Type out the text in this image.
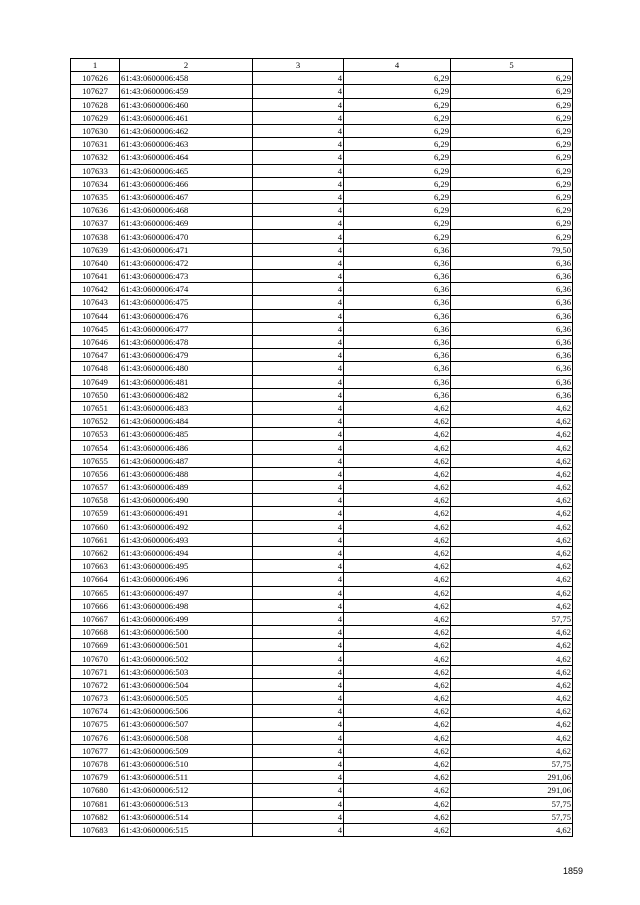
1	2	3	4	5
107626	61:43:0600006:458	4	6,29	6,29
107627	61:43:0600006:459	4	6,29	6,29
107628	61:43:0600006:460	4	6,29	6,29
107629	61:43:0600006:461	4	6,29	6,29
107630	61:43:0600006:462	4	6,29	6,29
107631	61:43:0600006:463	4	6,29	6,29
107632	61:43:0600006:464	4	6,29	6,29
107633	61:43:0600006:465	4	6,29	6,29
107634	61:43:0600006:466	4	6,29	6,29
107635	61:43:0600006:467	4	6,29	6,29
107636	61:43:0600006:468	4	6,29	6,29
107637	61:43:0600006:469	4	6,29	6,29
107638	61:43:0600006:470	4	6,29	6,29
107639	61:43:0600006:471	4	6,36	79,50
107640	61:43:0600006:472	4	6,36	6,36
107641	61:43:0600006:473	4	6,36	6,36
107642	61:43:0600006:474	4	6,36	6,36
107643	61:43:0600006:475	4	6,36	6,36
107644	61:43:0600006:476	4	6,36	6,36
107645	61:43:0600006:477	4	6,36	6,36
107646	61:43:0600006:478	4	6,36	6,36
107647	61:43:0600006:479	4	6,36	6,36
107648	61:43:0600006:480	4	6,36	6,36
107649	61:43:0600006:481	4	6,36	6,36
107650	61:43:0600006:482	4	6,36	6,36
107651	61:43:0600006:483	4	4,62	4,62
107652	61:43:0600006:484	4	4,62	4,62
107653	61:43:0600006:485	4	4,62	4,62
107654	61:43:0600006:486	4	4,62	4,62
107655	61:43:0600006:487	4	4,62	4,62
107656	61:43:0600006:488	4	4,62	4,62
107657	61:43:0600006:489	4	4,62	4,62
107658	61:43:0600006:490	4	4,62	4,62
107659	61:43:0600006:491	4	4,62	4,62
107660	61:43:0600006:492	4	4,62	4,62
107661	61:43:0600006:493	4	4,62	4,62
107662	61:43:0600006:494	4	4,62	4,62
107663	61:43:0600006:495	4	4,62	4,62
107664	61:43:0600006:496	4	4,62	4,62
107665	61:43:0600006:497	4	4,62	4,62
107666	61:43:0600006:498	4	4,62	4,62
107667	61:43:0600006:499	4	4,62	57,75
107668	61:43:0600006:500	4	4,62	4,62
107669	61:43:0600006:501	4	4,62	4,62
107670	61:43:0600006:502	4	4,62	4,62
107671	61:43:0600006:503	4	4,62	4,62
107672	61:43:0600006:504	4	4,62	4,62
107673	61:43:0600006:505	4	4,62	4,62
107674	61:43:0600006:506	4	4,62	4,62
107675	61:43:0600006:507	4	4,62	4,62
107676	61:43:0600006:508	4	4,62	4,62
107677	61:43:0600006:509	4	4,62	4,62
107678	61:43:0600006:510	4	4,62	57,75
107679	61:43:0600006:511	4	4,62	291,06
107680	61:43:0600006:512	4	4,62	291,06
107681	61:43:0600006:513	4	4,62	57,75
107682	61:43:0600006:514	4	4,62	57,75
107683	61:43:0600006:515	4	4,62	4,62
1859
